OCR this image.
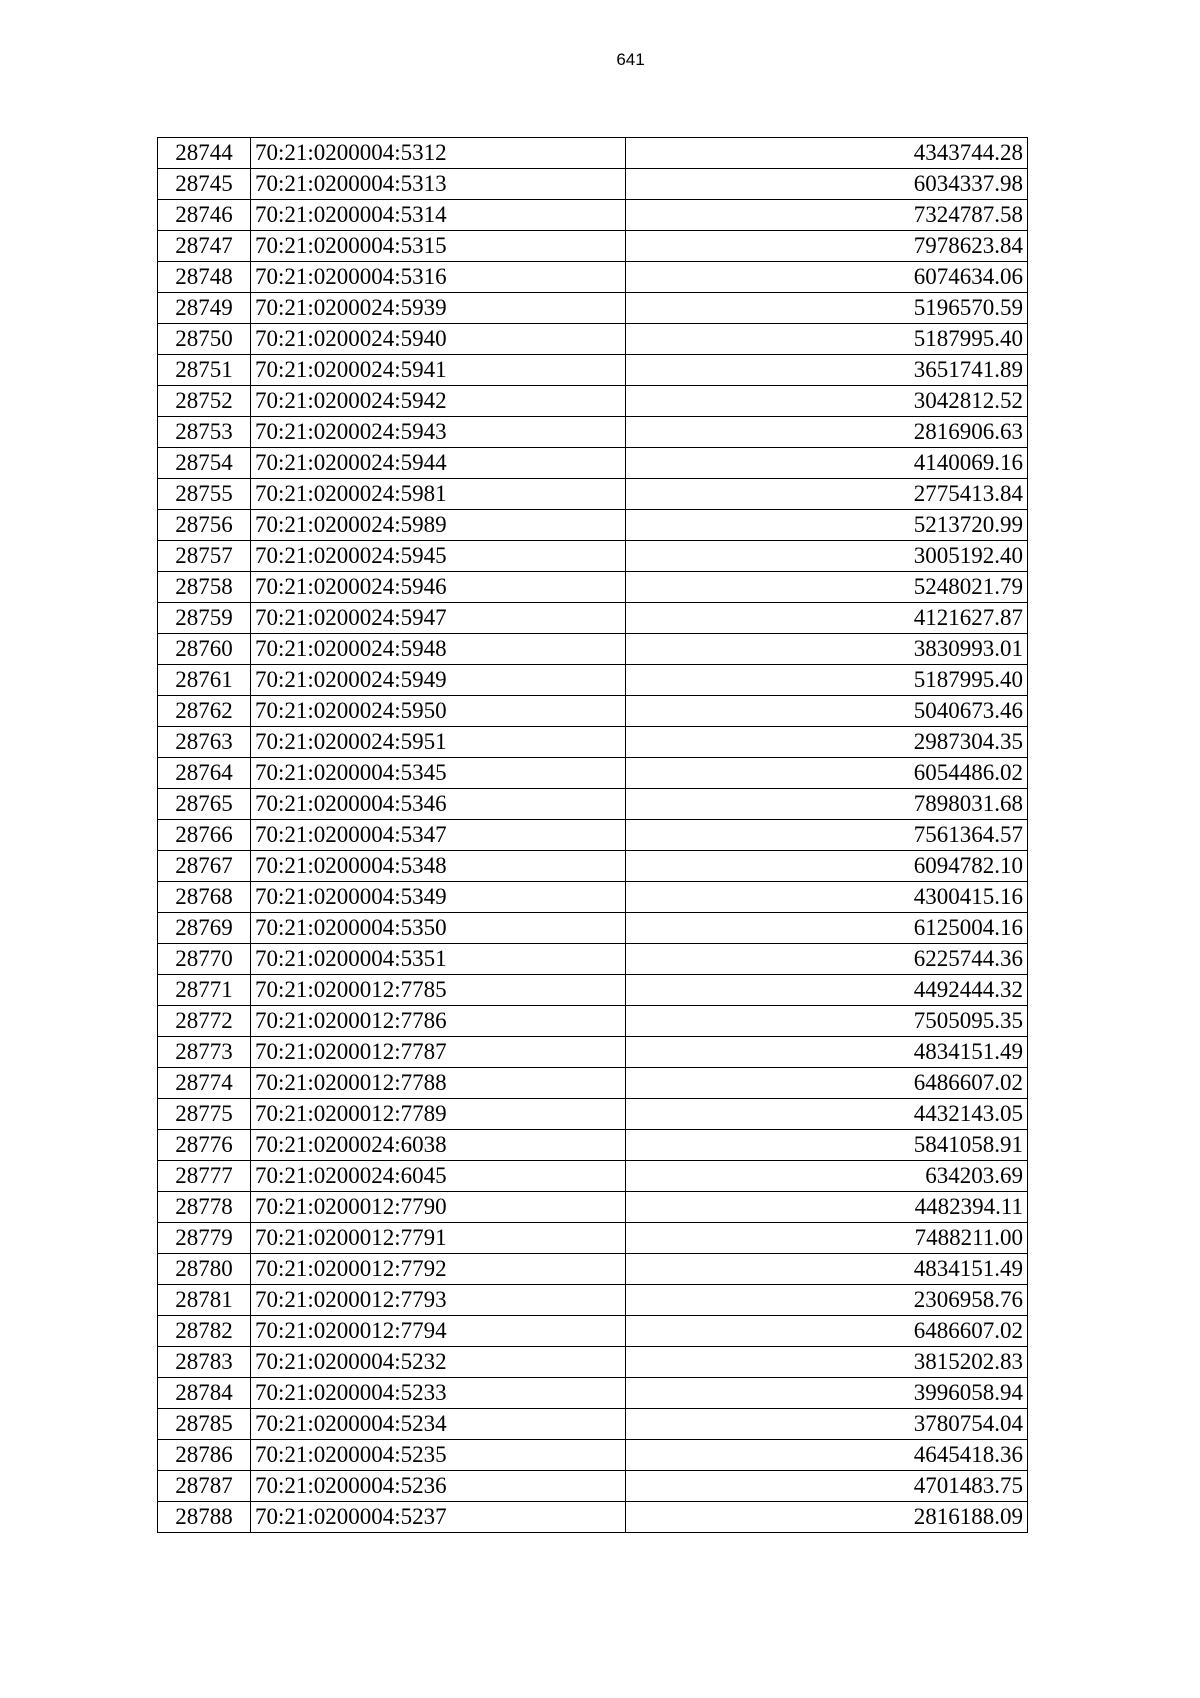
641
28744	70:21:0200004:5312	4343744.28
28745	70:21:0200004:5313	6034337.98
28746	70:21:0200004:5314	7324787.58
28747	70:21:0200004:5315	7978623.84
28748	70:21:0200004:5316	6074634.06
28749	70:21:0200024:5939	5196570.59
28750	70:21:0200024:5940	5187995.40
28751	70:21:0200024:5941	3651741.89
28752	70:21:0200024:5942	3042812.52
28753	70:21:0200024:5943	2816906.63
28754	70:21:0200024:5944	4140069.16
28755	70:21:0200024:5981	2775413.84
28756	70:21:0200024:5989	5213720.99
28757	70:21:0200024:5945	3005192.40
28758	70:21:0200024:5946	5248021.79
28759	70:21:0200024:5947	4121627.87
28760	70:21:0200024:5948	3830993.01
28761	70:21:0200024:5949	5187995.40
28762	70:21:0200024:5950	5040673.46
28763	70:21:0200024:5951	2987304.35
28764	70:21:0200004:5345	6054486.02
28765	70:21:0200004:5346	7898031.68
28766	70:21:0200004:5347	7561364.57
28767	70:21:0200004:5348	6094782.10
28768	70:21:0200004:5349	4300415.16
28769	70:21:0200004:5350	6125004.16
28770	70:21:0200004:5351	6225744.36
28771	70:21:0200012:7785	4492444.32
28772	70:21:0200012:7786	7505095.35
28773	70:21:0200012:7787	4834151.49
28774	70:21:0200012:7788	6486607.02
28775	70:21:0200012:7789	4432143.05
28776	70:21:0200024:6038	5841058.91
28777	70:21:0200024:6045	634203.69
28778	70:21:0200012:7790	4482394.11
28779	70:21:0200012:7791	7488211.00
28780	70:21:0200012:7792	4834151.49
28781	70:21:0200012:7793	2306958.76
28782	70:21:0200012:7794	6486607.02
28783	70:21:0200004:5232	3815202.83
28784	70:21:0200004:5233	3996058.94
28785	70:21:0200004:5234	3780754.04
28786	70:21:0200004:5235	4645418.36
28787	70:21:0200004:5236	4701483.75
28788	70:21:0200004:5237	2816188.09
